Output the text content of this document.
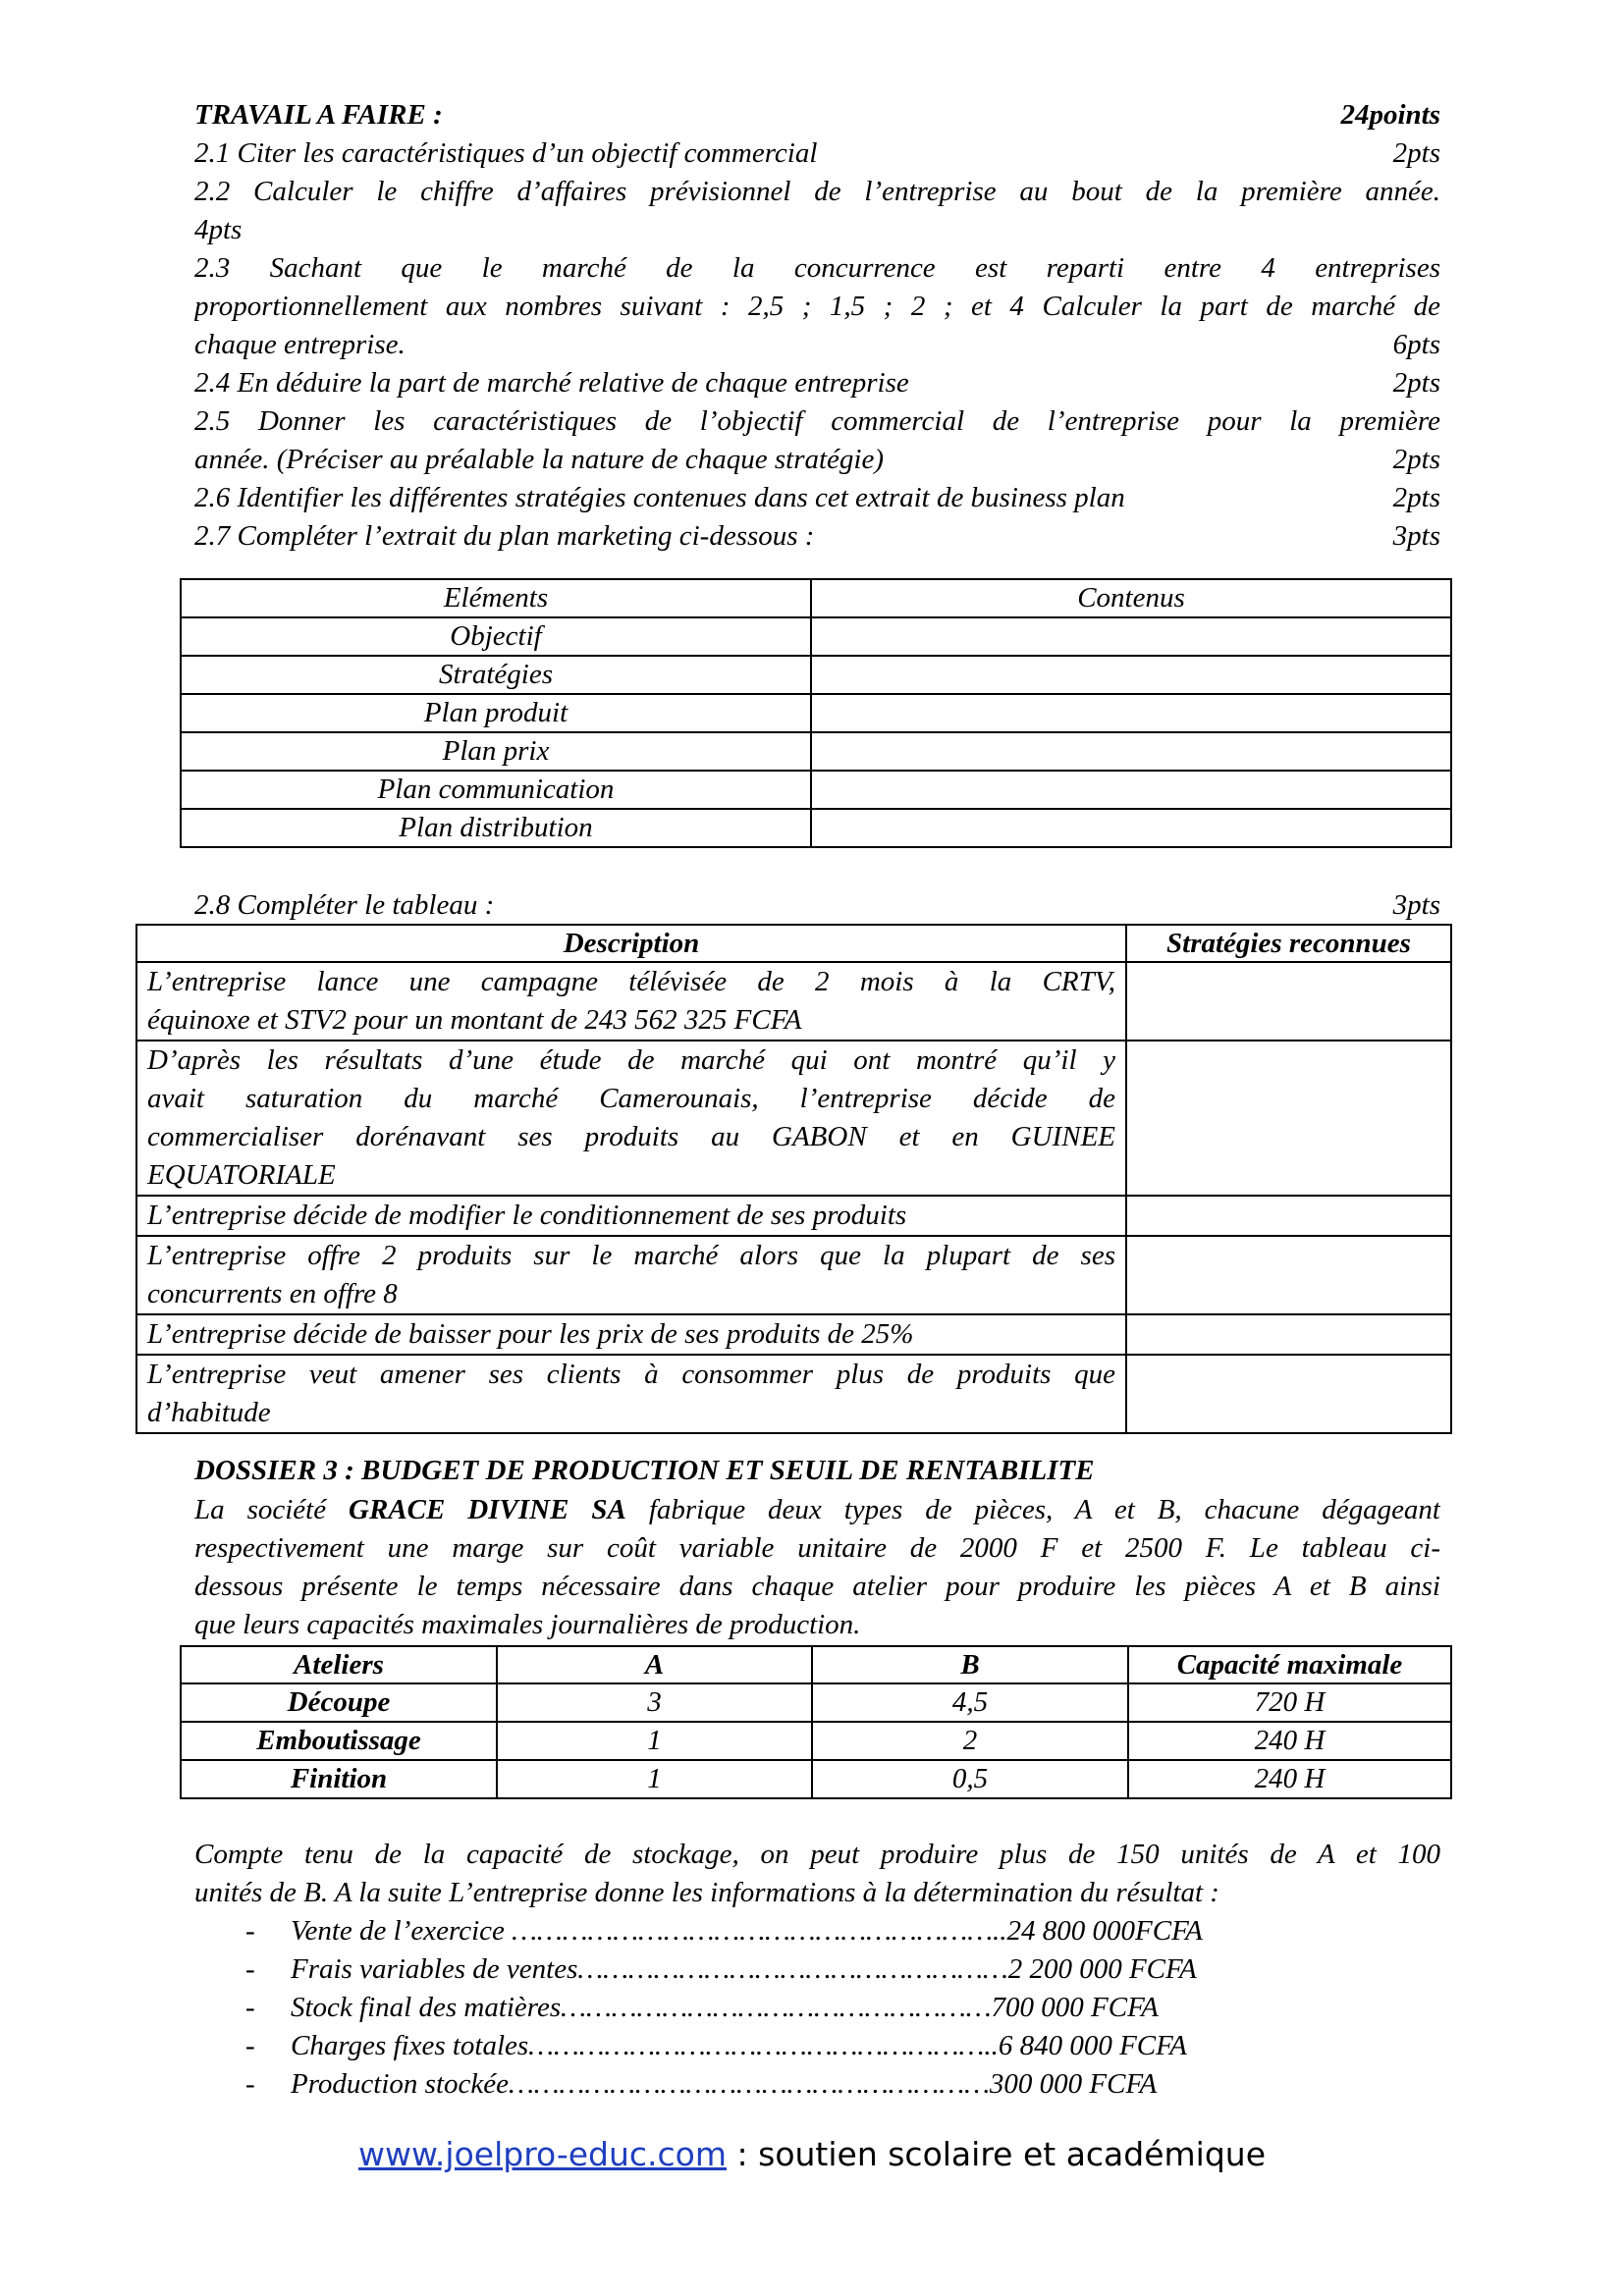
TRAVAIL A FAIRE :	24points
2.1 Citer les caractéristiques d’un objectif commercial	2pts
2.2 Calculer le chiffre d’affaires prévisionnel de l’entreprise au bout de la première année.
4pts
2.3 Sachant que le marché de la concurrence est reparti entre 4 entreprises
proportionnellement aux nombres suivant : 2,5 ; 1,5 ; 2 ; et 4 Calculer la part de marché de
chaque entreprise.	6pts
2.4 En déduire la part de marché relative de chaque entreprise	2pts
2.5 Donner les caractéristiques de l’objectif commercial de l’entreprise pour la première
année. (Préciser au préalable la nature de chaque stratégie)	2pts
2.6 Identifier les différentes stratégies contenues dans cet extrait de business plan	2pts
2.7 Compléter l’extrait du plan marketing ci-dessous :	3pts
Eléments	Contenus
Objectif	
Stratégies	
Plan produit	
Plan prix	
Plan communication	
Plan distribution	
2.8 Compléter le tableau :	3pts
Description	Stratégies reconnues

L’entreprise lance une campagne télévisée de 2 mois à la CRTV,
équinoxe et STV2 pour un montant de 243 562 325 FCFA	

D’après les résultats d’une étude de marché qui ont montré qu’il y
avait saturation du marché Camerounais, l’entreprise décide de
commercialiser dorénavant ses produits au GABON et en GUINEE
EQUATORIALE	

L’entreprise décide de modifier le conditionnement de ses produits	

L’entreprise offre 2 produits sur le marché alors que la plupart de ses
concurrents en offre 8	

L’entreprise décide de baisser pour les prix de ses produits de 25%	

L’entreprise veut amener ses clients à consommer plus de produits que
d’habitude	

DOSSIER 3 : BUDGET DE PRODUCTION ET SEUIL DE RENTABILITE
La société GRACE DIVINE SA fabrique deux types de pièces, A et B, chacune dégageant
respectivement une marge sur coût variable unitaire de 2000 F et 2500 F. Le tableau ci-
dessous présente le temps nécessaire dans chaque atelier pour produire les pièces A et B ainsi
que leurs capacités maximales journalières de production.
Ateliers	A	B	Capacité maximale
Découpe	3	4,5	720 H
Emboutissage	1	2	240 H
Finition	1	0,5	240 H
Compte tenu de la capacité de stockage, on peut produire plus de 150 unités de A et 100
unités de B. A la suite L’entreprise donne les informations à la détermination du résultat :
-	Vente de l’exercice …………………………………………………..24 800 000FCFA
-	Frais variables de ventes……………………………………………2 200 000 FCFA
-	Stock final des matières……………………………………………700 000 FCFA
-	Charges fixes totales………………………………………………..6 840 000 FCFA
-	Production stockée…………………………………………………300 000 FCFA
www.joelpro-educ.com : soutien scolaire et académique
